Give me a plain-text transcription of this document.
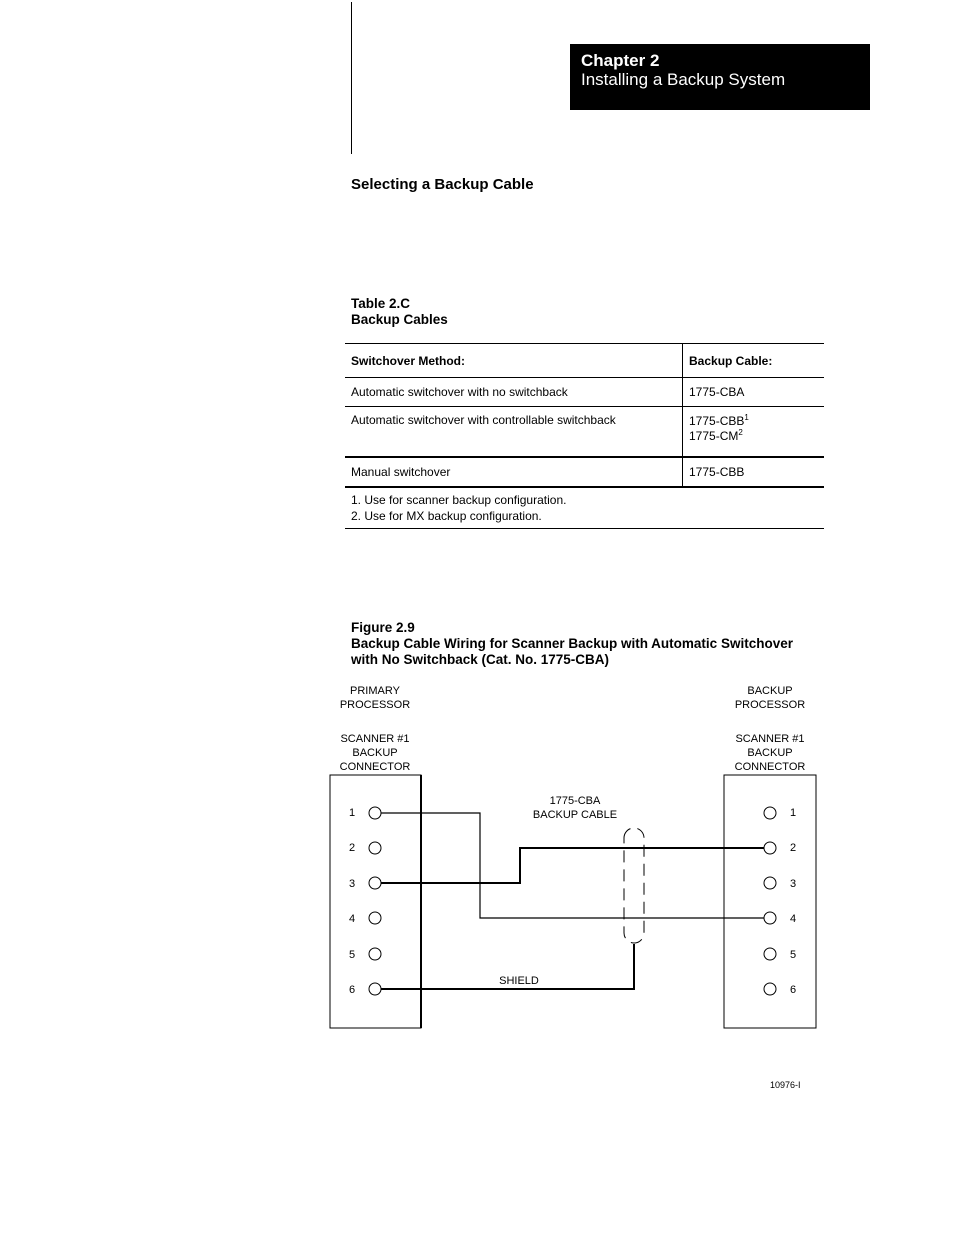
Chapter 2
Installing a Backup System
Selecting a Backup Cable
Table 2.C
Backup Cables
Switchover Method:	Backup Cable:
Automatic switchover with no switchback	1775-CBA
Automatic switchover with controllable switchback	1775-CBB$^1$
$1775-CM^2$

Manual switchover	1775-CBB

1. Use for scanner backup configuration.
2. Use for MX backup configuration.	
Figure 2.9
Backup Cable Wiring for Scanner Backup with Automatic Switchover
with No Switchback (Cat. No. 1775-CBA)
PRIMARY
PROCESSOR
SCANNER #1
BACKUP
CONNECTOR
BACKUP
PROCESSOR
SCANNER #1
BACKUP
CONNECTOR
1775-CBA
BACKUP CABLE
SHIELD
1
2
3
4
5
6
1
2
3
4
5
6
10976-I
